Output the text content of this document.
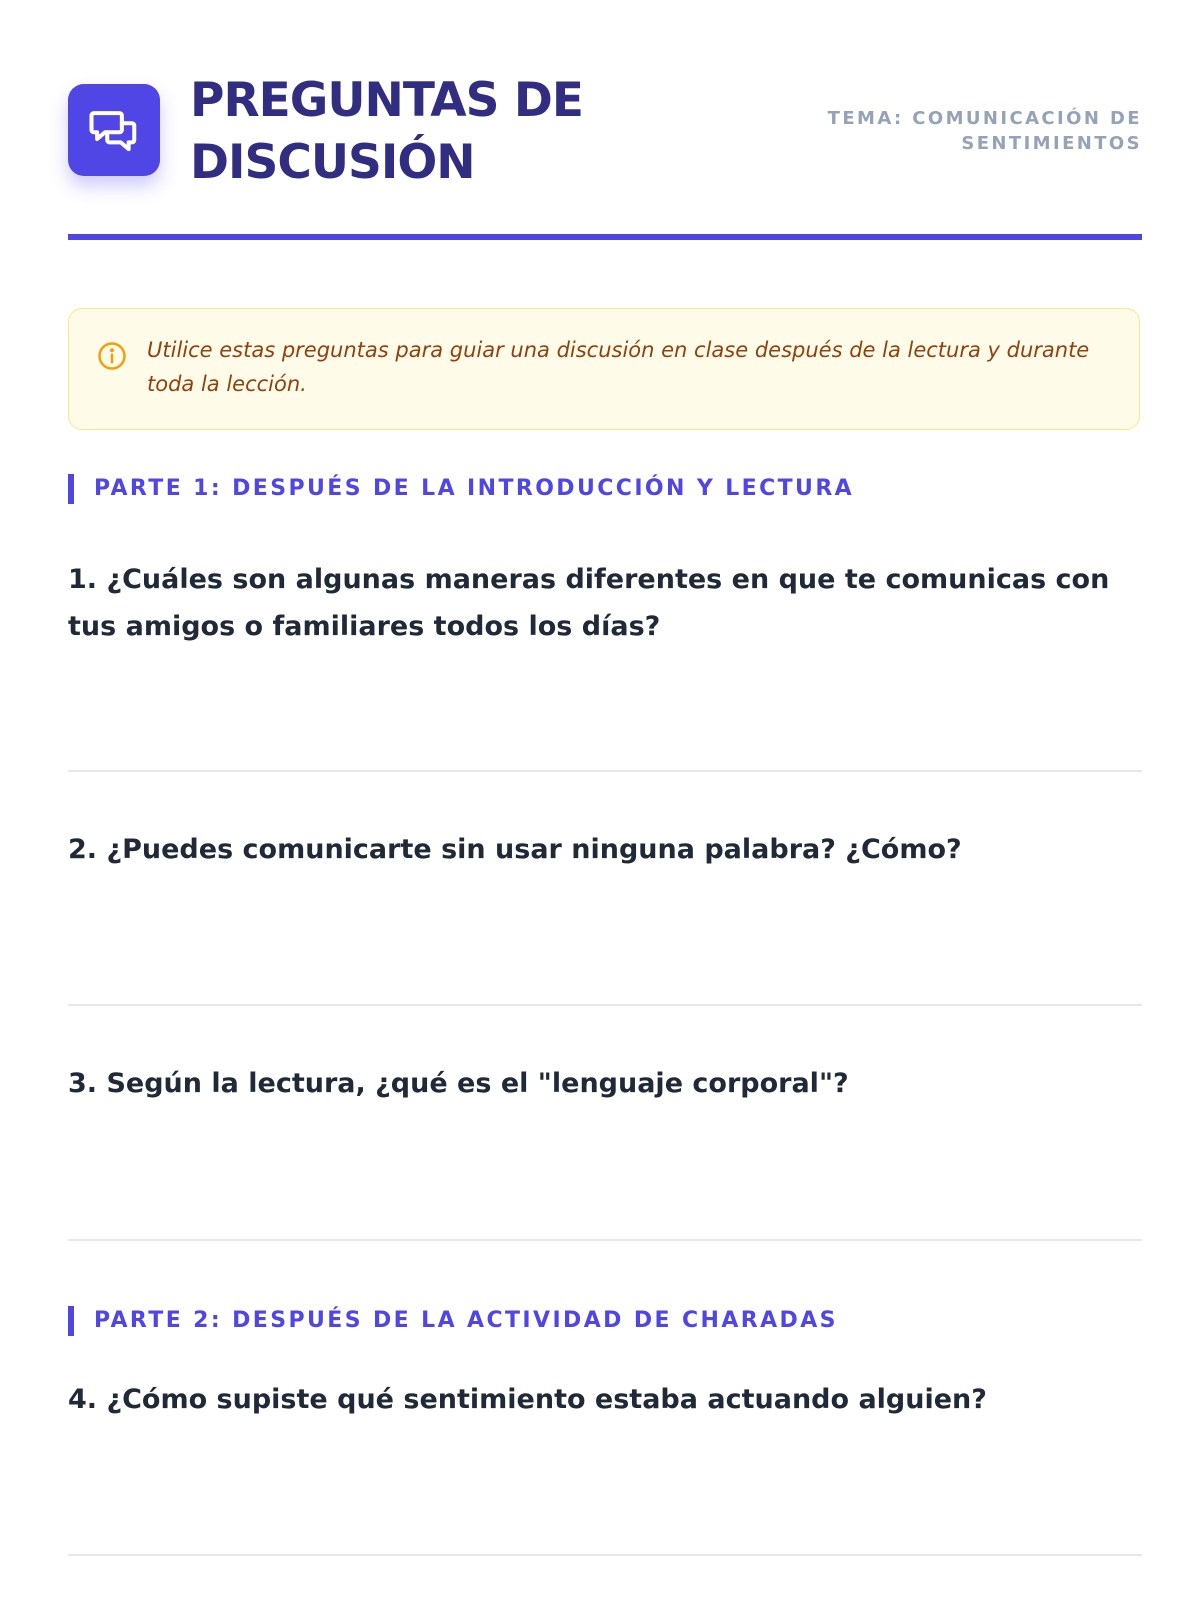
PREGUNTAS DE DISCUSIÓN
TEMA: COMUNICACIÓN DE SENTIMIENTOS

Utilice estas preguntas para guiar una discusión en clase después de la lectura y durante toda la lección.

PARTE 1: DESPUÉS DE LA INTRODUCCIÓN Y LECTURA

1. ¿Cuáles son algunas maneras diferentes en que te comunicas con tus amigos o familiares todos los días?

2. ¿Puedes comunicarte sin usar ninguna palabra? ¿Cómo?

3. Según la lectura, ¿qué es el "lenguaje corporal"?

PARTE 2: DESPUÉS DE LA ACTIVIDAD DE CHARADAS

4. ¿Cómo supiste qué sentimiento estaba actuando alguien?
